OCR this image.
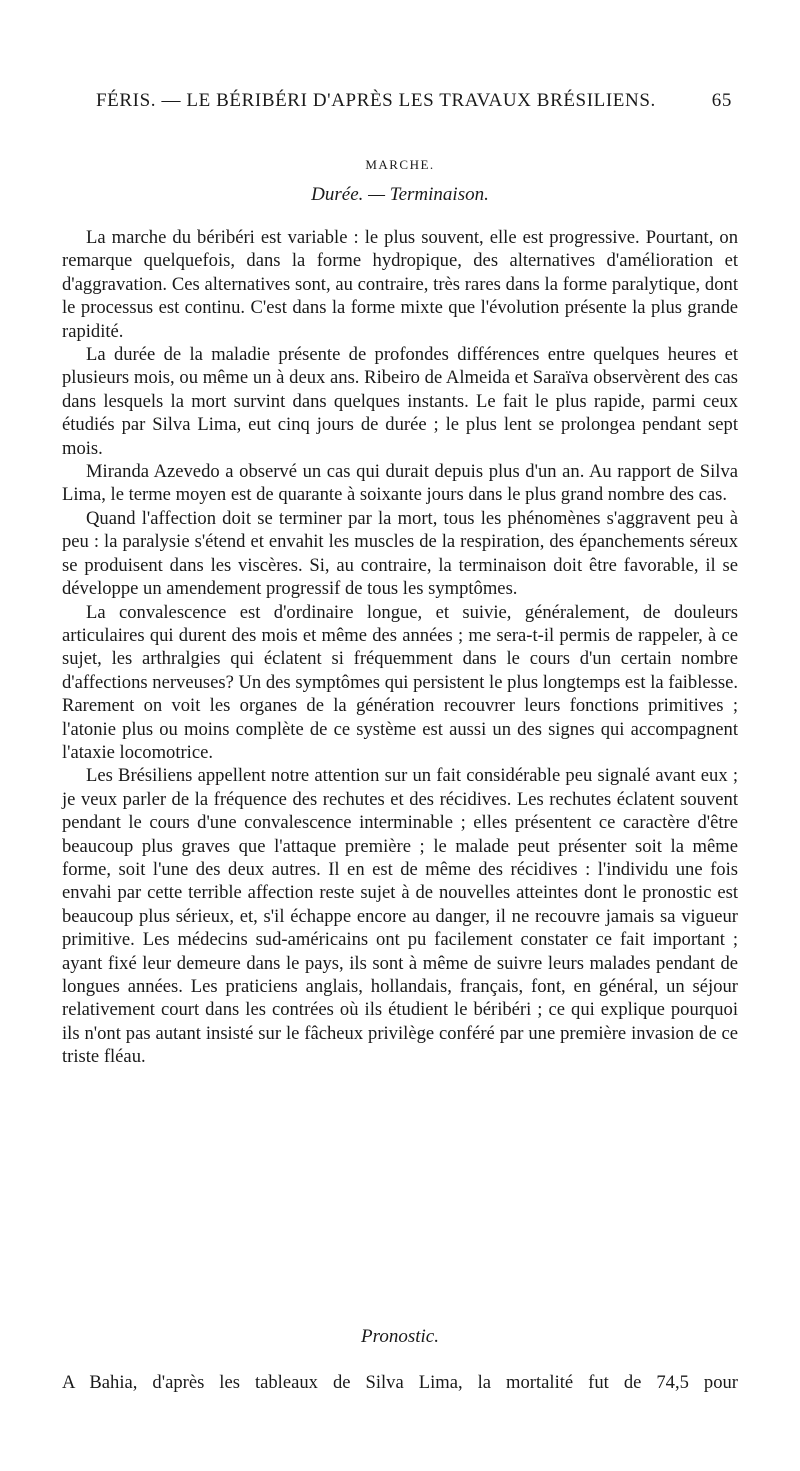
FÉRIS. — LE BÉRIBÉRI D'APRÈS LES TRAVAUX BRÉSILIENS.	65
MARCHE.
Durée. — Terminaison.

La marche du béribéri est variable : le plus souvent, elle est progressive. Pourtant, on remarque quelquefois, dans la forme hydropique, des alternatives d'amélioration et d'aggravation. Ces alternatives sont, au contraire, très rares dans la forme paralytique, dont le processus est continu. C'est dans la forme mixte que l'évolution présente la plus grande rapidité.

La durée de la maladie présente de profondes différences entre quelques heures et plusieurs mois, ou même un à deux ans. Ribeiro de Almeida et Saraïva observèrent des cas dans lesquels la mort survint dans quelques instants. Le fait le plus rapide, parmi ceux étudiés par Silva Lima, eut cinq jours de durée ; le plus lent se prolongea pendant sept mois.

Miranda Azevedo a observé un cas qui durait depuis plus d'un an. Au rapport de Silva Lima, le terme moyen est de quarante à soixante jours dans le plus grand nombre des cas.

Quand l'affection doit se terminer par la mort, tous les phénomènes s'aggravent peu à peu : la paralysie s'étend et envahit les muscles de la respiration, des épanchements séreux se produisent dans les viscères. Si, au contraire, la terminaison doit être favorable, il se développe un amendement progressif de tous les symptômes.

La convalescence est d'ordinaire longue, et suivie, généralement, de douleurs articulaires qui durent des mois et même des années ; me sera-t-il permis de rappeler, à ce sujet, les arthralgies qui éclatent si fréquemment dans le cours d'un certain nombre d'affections nerveuses? Un des symptômes qui persistent le plus longtemps est la faiblesse. Rarement on voit les organes de la génération recouvrer leurs fonctions primitives ; l'atonie plus ou moins complète de ce système est aussi un des signes qui accompagnent l'ataxie locomotrice.

Les Brésiliens appellent notre attention sur un fait considérable peu signalé avant eux ; je veux parler de la fréquence des rechutes et des récidives. Les rechutes éclatent souvent pendant le cours d'une convalescence interminable ; elles présentent ce caractère d'être beaucoup plus graves que l'attaque première ; le malade peut présenter soit la même forme, soit l'une des deux autres. Il en est de même des récidives : l'individu une fois envahi par cette terrible affection reste sujet à de nouvelles atteintes dont le pronostic est beaucoup plus sérieux, et, s'il échappe encore au danger, il ne recouvre jamais sa vigueur primitive. Les médecins sud-américains ont pu facilement constater ce fait important ; ayant fixé leur demeure dans le pays, ils sont à même de suivre leurs malades pendant de longues années. Les praticiens anglais, hollandais, français, font, en général, un séjour relativement court dans les contrées où ils étudient le béribéri ; ce qui explique pourquoi ils n'ont pas autant insisté sur le fâcheux privilège conféré par une première invasion de ce triste fléau.

Pronostic.
A Bahia, d'après les tableaux de Silva Lima, la mortalité fut de 74,5 pour
